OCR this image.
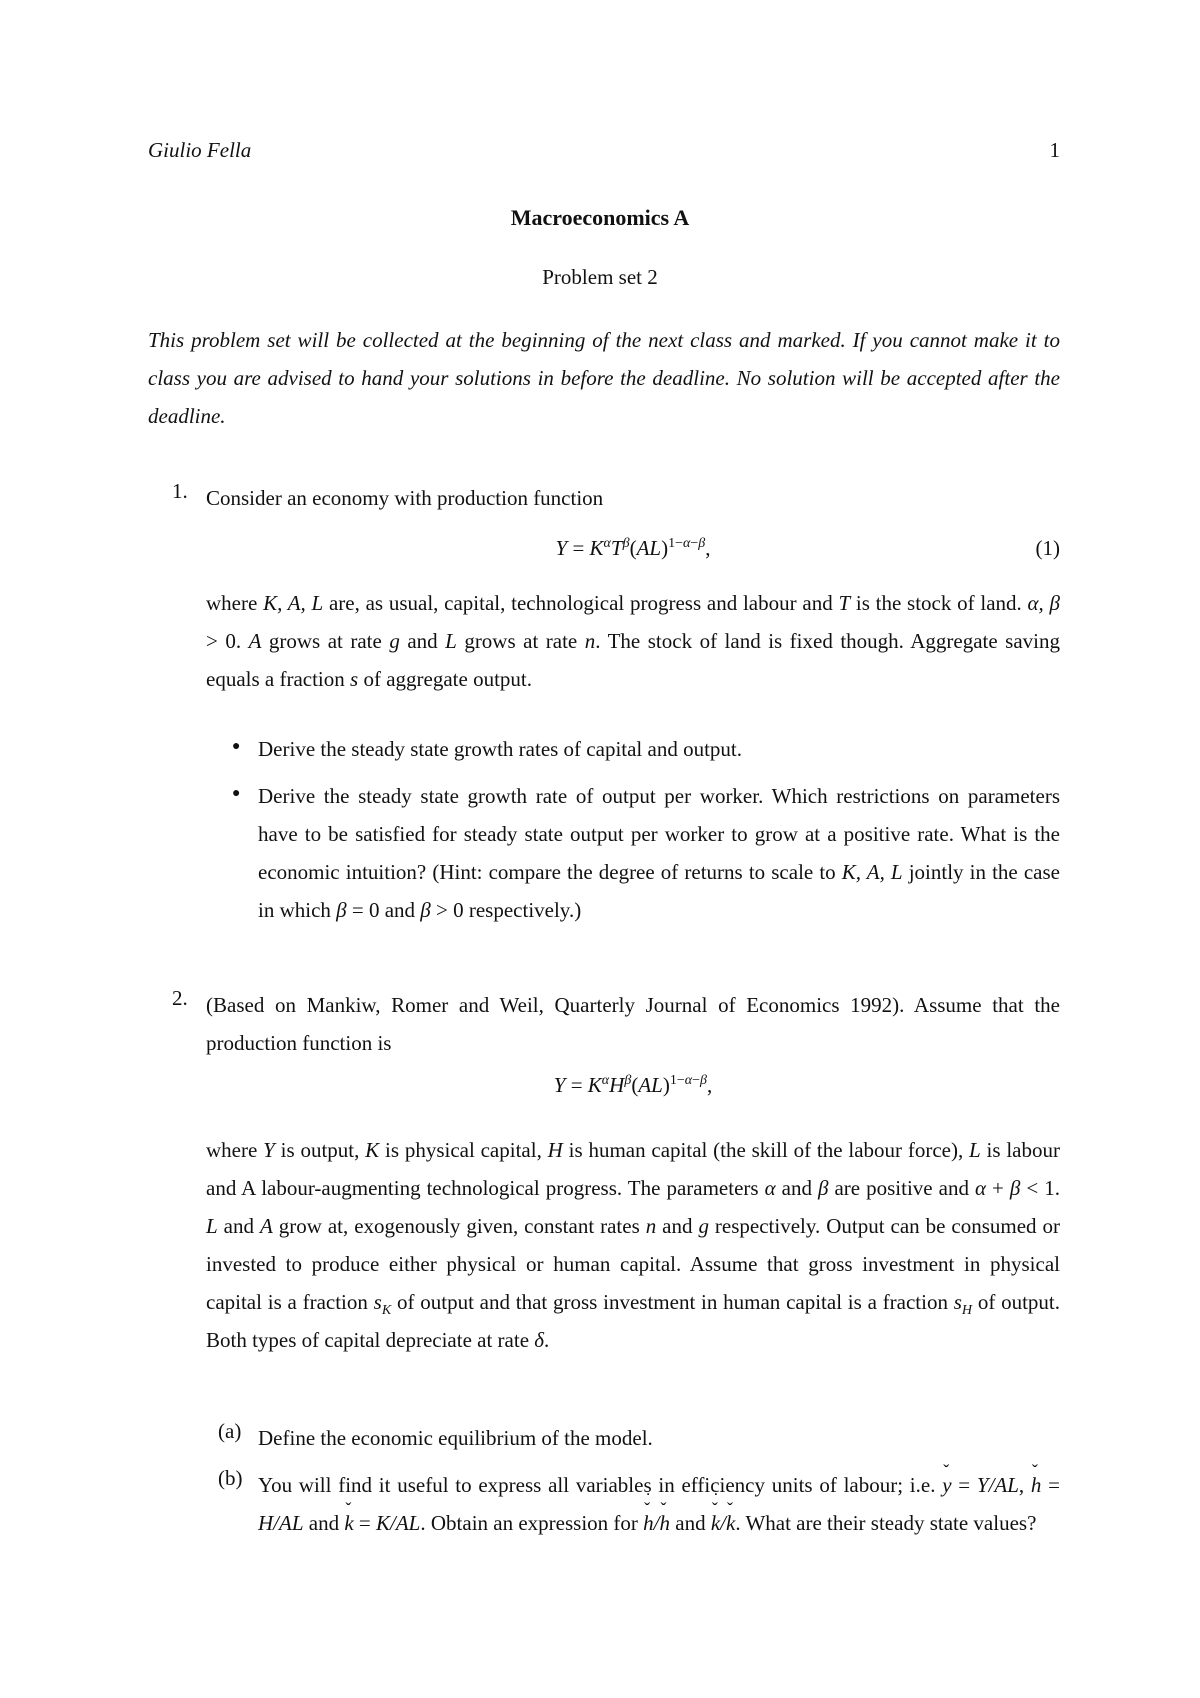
Giulio Fella	1
Macroeconomics A
Problem set 2
This problem set will be collected at the beginning of the next class and marked. If you cannot make it to class you are advised to hand your solutions in before the deadline. No solution will be accepted after the deadline.
1. Consider an economy with production function
$Y = K^\alpha T^\beta(AL)^{1-\alpha-\beta}$,	(1)
where K, A, L are, as usual, capital, technological progress and labour and T is the stock of land. α, β > 0. A grows at rate g and L grows at rate n. The stock of land is fixed though. Aggregate saving equals a fraction s of aggregate output.
● Derive the steady state growth rates of capital and output.
● Derive the steady state growth rate of output per worker. Which restrictions on parameters have to be satisfied for steady state output per worker to grow at a positive rate. What is the economic intuition? (Hint: compare the degree of returns to scale to K, A, L jointly in the case in which β = 0 and β > 0 respectively.)
2. (Based on Mankiw, Romer and Weil, Quarterly Journal of Economics 1992). Assume that the production function is
$Y = K^\alpha H^\beta(AL)^{1-\alpha-\beta}$,
where Y is output, K is physical capital, H is human capital (the skill of the labour force), L is labour and A labour-augmenting technological progress. The parameters α and β are positive and α + β < 1. L and A grow at, exogenously given, constant rates n and g respectively. Output can be consumed or invested to produce either physical or human capital. Assume that gross investment in physical capital is a fraction $s_K$ of output and that gross investment in human capital is a fraction $s_H$ of output. Both types of capital depreciate at rate δ.
(a) Define the economic equilibrium of the model.
(b) You will find it useful to express all variables in efficiency units of labour; i.e. ˇ y = Y/AL, ˇ h = H/AL and ˇ k = K/AL. Obtain an expression for ˇ h ˙/ˇ h and ˇ k ˙/ˇ k. What are their steady state values?
